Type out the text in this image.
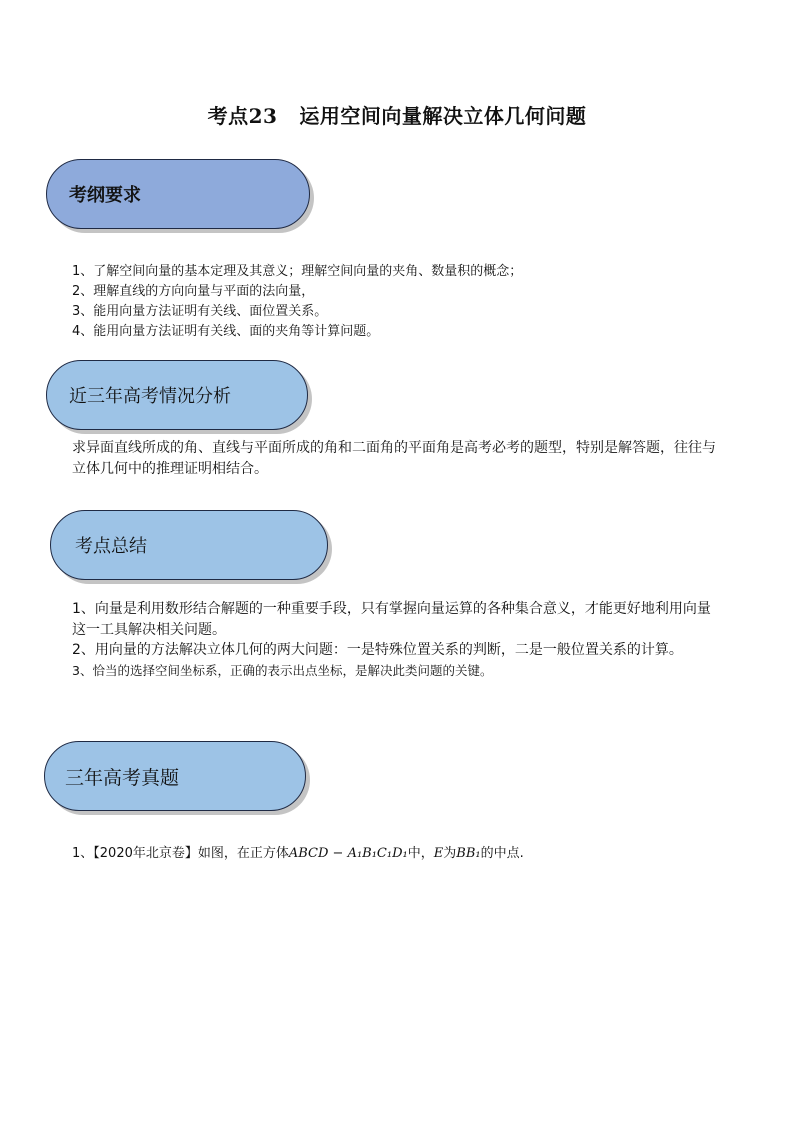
考点23 运用空间向量解决立体几何问题
考纲要求

1、了解空间向量的基本定理及其意义；理解空间向量的夹角、数量积的概念；

2、理解直线的方向向量与平面的法向量，

3、能用向量方法证明有关线、面位置关系。

4、能用向量方法证明有关线、面的夹角等计算问题。

近三年高考情况分析

求异面直线所成的角、直线与平面所成的角和二面角的平面角是高考必考的题型，特别是解答题，往往与立体几何中的推理证明相结合。

考点总结

1、向量是利用数形结合解题的一种重要手段，只有掌握向量运算的各种集合意义，才能更好地利用向量这一工具解决相关问题。

2、用向量的方法解决立体几何的两大问题：一是特殊位置关系的判断，二是一般位置关系的计算。

3、恰当的选择空间坐标系，正确的表示出点坐标，是解决此类问题的关键。

三年高考真题

1、【2020年北京卷】如图，在正方体ABCD − A₁B₁C₁D₁中，E为BB₁的中点.
